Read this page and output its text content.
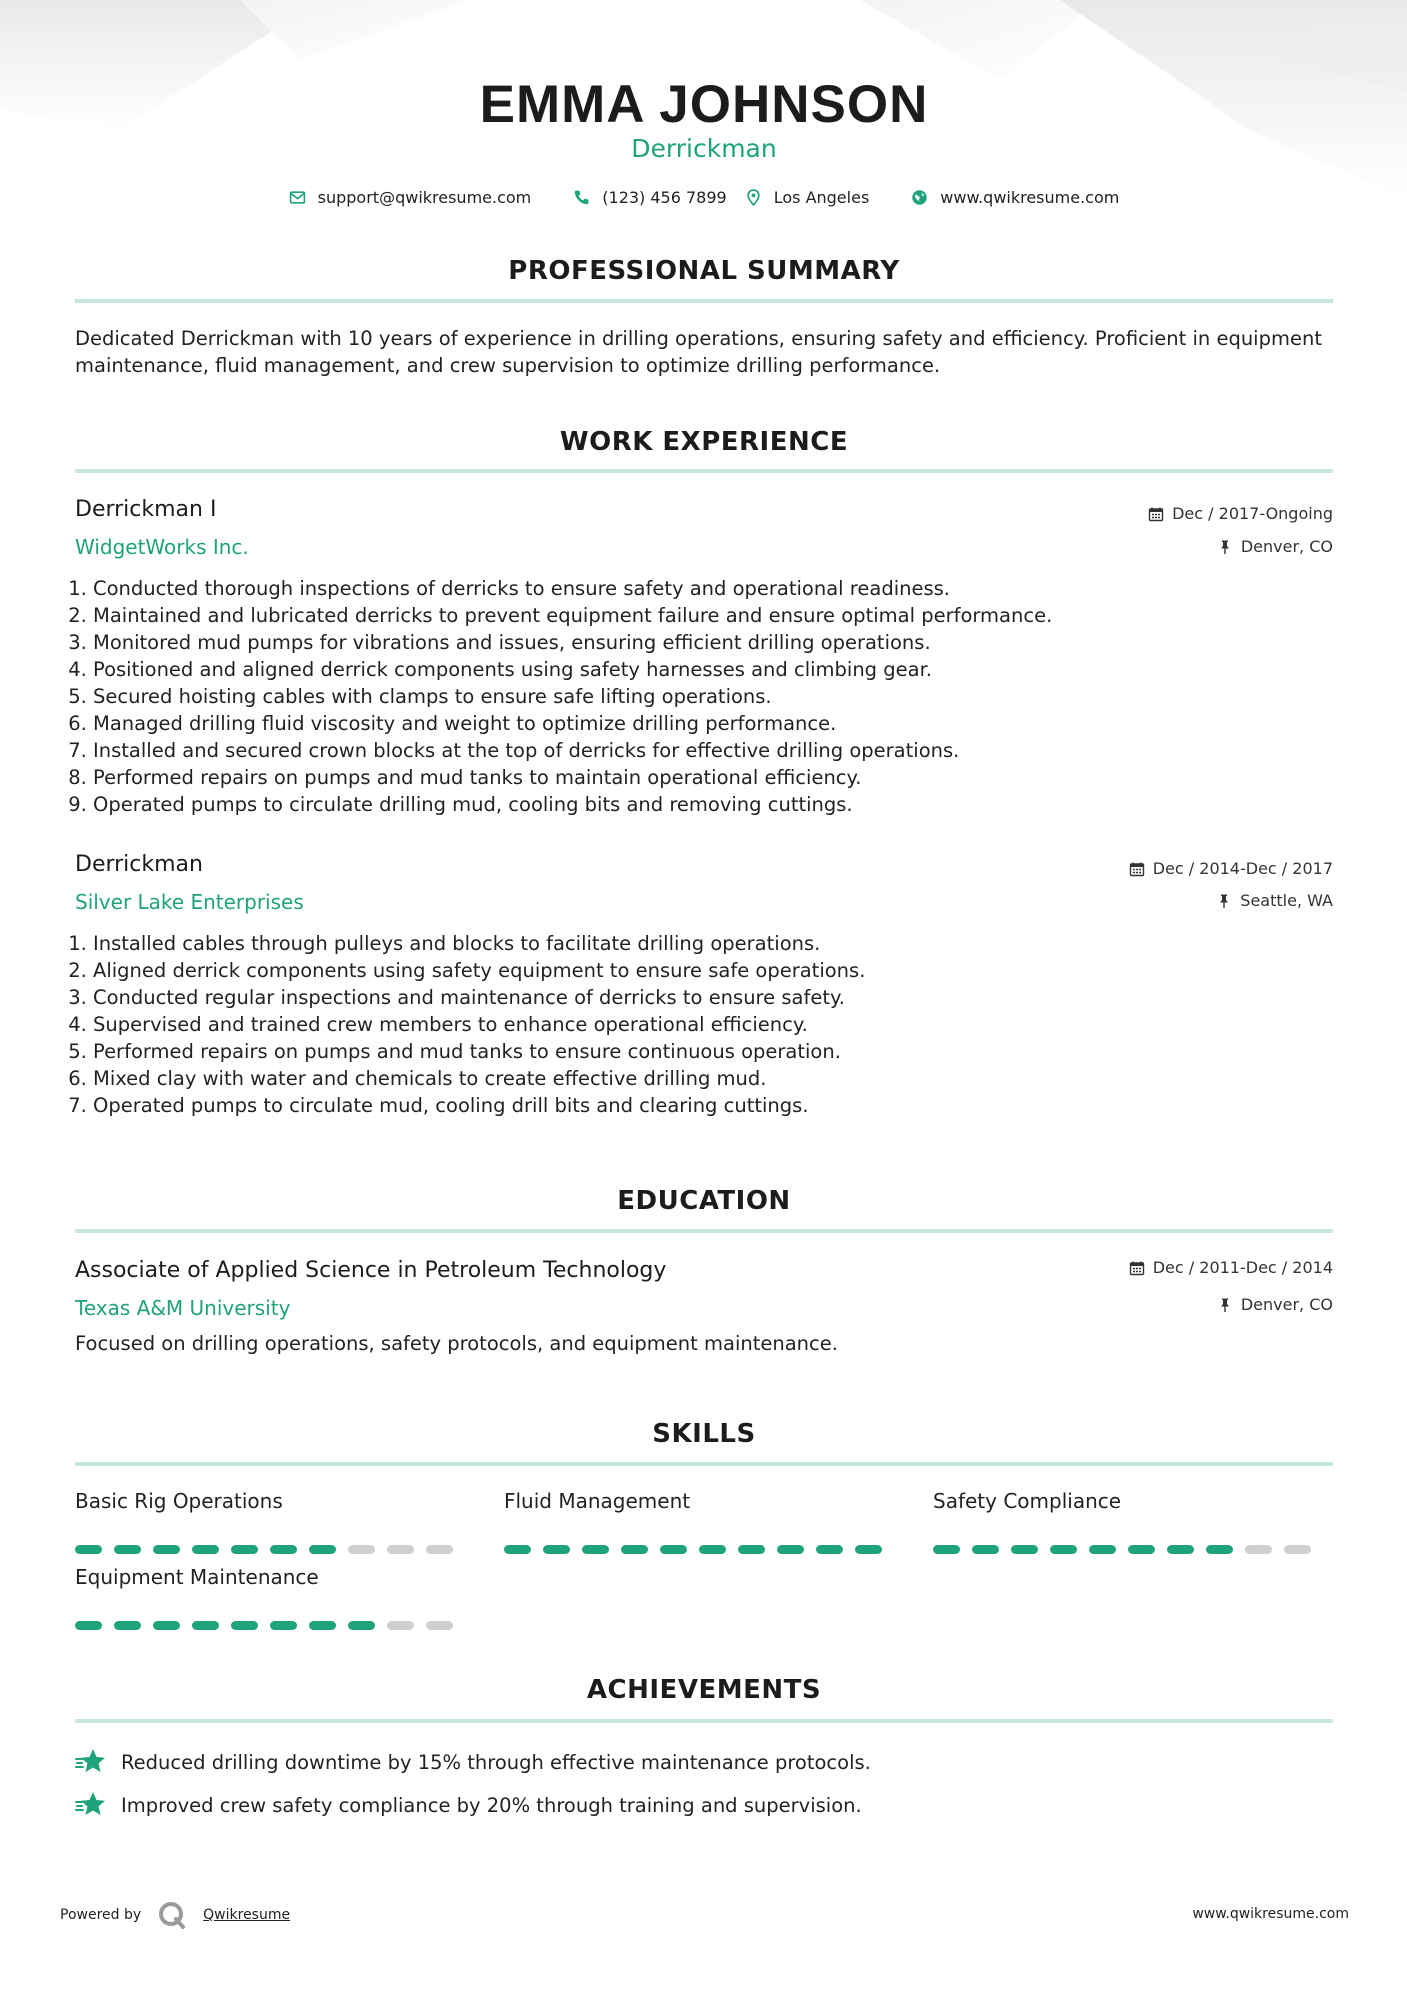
EMMA JOHNSON
Derrickman
support@qwikresume.com	(123) 456 7899	Los Angeles	www.qwikresume.com
PROFESSIONAL SUMMARY
Dedicated Derrickman with 10 years of experience in drilling operations, ensuring safety and efficiency. Proficient in equipment maintenance, fluid management, and crew supervision to optimize drilling performance.
WORK EXPERIENCE
Derrickman I	Dec / 2017-Ongoing
WidgetWorks Inc.	Denver, CO
1. Conducted thorough inspections of derricks to ensure safety and operational readiness.
2. Maintained and lubricated derricks to prevent equipment failure and ensure optimal performance.
3. Monitored mud pumps for vibrations and issues, ensuring efficient drilling operations.
4. Positioned and aligned derrick components using safety harnesses and climbing gear.
5. Secured hoisting cables with clamps to ensure safe lifting operations.
6. Managed drilling fluid viscosity and weight to optimize drilling performance.
7. Installed and secured crown blocks at the top of derricks for effective drilling operations.
8. Performed repairs on pumps and mud tanks to maintain operational efficiency.
9. Operated pumps to circulate drilling mud, cooling bits and removing cuttings.
Derrickman	Dec / 2014-Dec / 2017
Silver Lake Enterprises	Seattle, WA
1. Installed cables through pulleys and blocks to facilitate drilling operations.
2. Aligned derrick components using safety equipment to ensure safe operations.
3. Conducted regular inspections and maintenance of derricks to ensure safety.
4. Supervised and trained crew members to enhance operational efficiency.
5. Performed repairs on pumps and mud tanks to ensure continuous operation.
6. Mixed clay with water and chemicals to create effective drilling mud.
7. Operated pumps to circulate mud, cooling drill bits and clearing cuttings.
EDUCATION
Associate of Applied Science in Petroleum Technology	Dec / 2011-Dec / 2014
Texas A&M University	Denver, CO
Focused on drilling operations, safety protocols, and equipment maintenance.
SKILLS
Basic Rig Operations	Fluid Management	Safety Compliance
Equipment Maintenance
ACHIEVEMENTS
Reduced drilling downtime by 15% through effective maintenance protocols.
Improved crew safety compliance by 20% through training and supervision.
Powered by	Qwikresume	www.qwikresume.com
